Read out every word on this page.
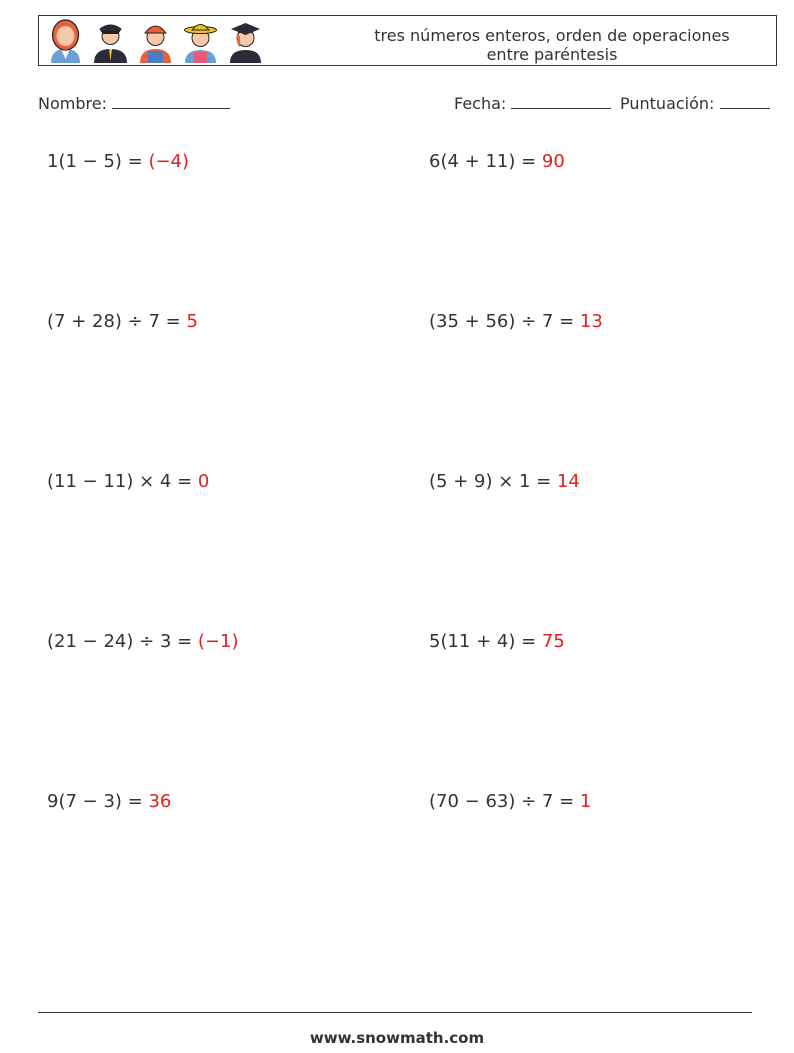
tres números enteros, orden de operaciones
entre paréntesis
Nombre:	Fecha:	Puntuación:
1(1 − 5) = (−4)	6(4 + 11) = 90
(7 + 28) ÷ 7 = 5	(35 + 56) ÷ 7 = 13
(11 − 11) × 4 = 0	(5 + 9) × 1 = 14
(21 − 24) ÷ 3 = (−1)	5(11 + 4) = 75
9(7 − 3) = 36	(70 − 63) ÷ 7 = 1
www.snowmath.com
